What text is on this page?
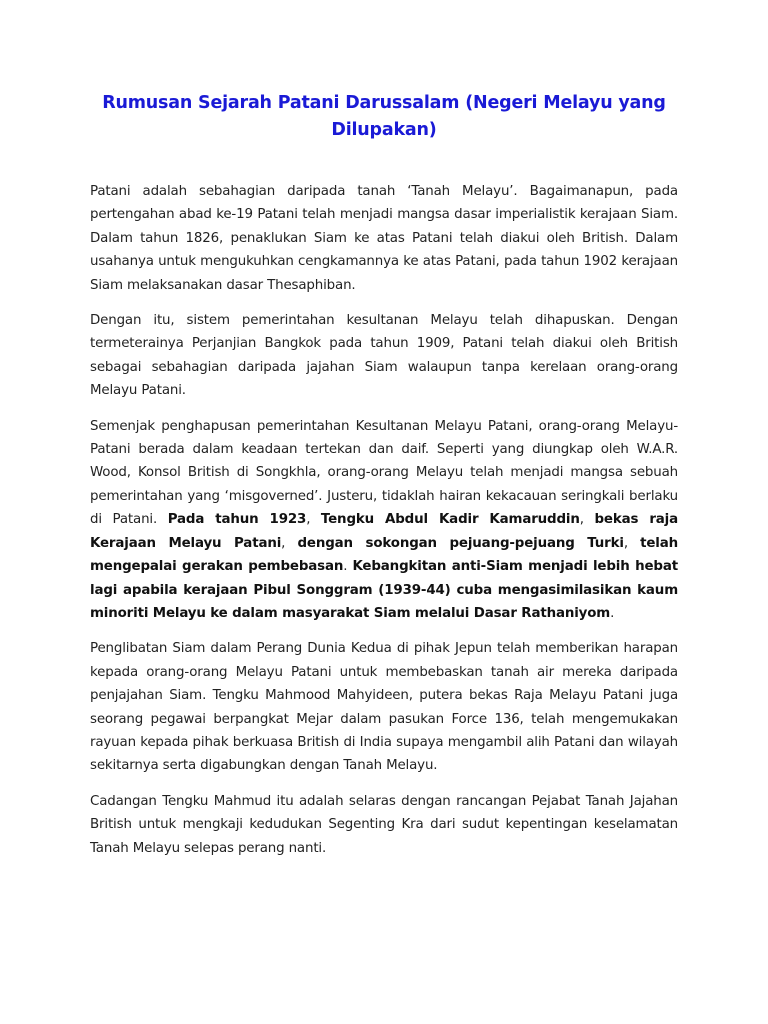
Rumusan Sejarah Patani Darussalam (Negeri Melayu yang Dilupakan)

Patani adalah sebahagian daripada tanah ‘Tanah Melayu’. Bagaimanapun, pada pertengahan abad ke-19 Patani telah menjadi mangsa dasar imperialistik kerajaan Siam. Dalam tahun 1826, penaklukan Siam ke atas Patani telah diakui oleh British. Dalam usahanya untuk mengukuhkan cengkamannya ke atas Patani, pada tahun 1902 kerajaan Siam melaksanakan dasar Thesaphiban.

Dengan itu, sistem pemerintahan kesultanan Melayu telah dihapuskan. Dengan termeterainya Perjanjian Bangkok pada tahun 1909, Patani telah diakui oleh British sebagai sebahagian daripada jajahan Siam walaupun tanpa kerelaan orang-orang Melayu Patani.

Semenjak penghapusan pemerintahan Kesultanan Melayu Patani, orang-orang Melayu-Patani berada dalam keadaan tertekan dan daif. Seperti yang diungkap oleh W.A.R. Wood, Konsol British di Songkhla, orang-orang Melayu telah menjadi mangsa sebuah pemerintahan yang ‘misgoverned’. Justeru, tidaklah hairan kekacauan seringkali berlaku di Patani. Pada tahun 1923, Tengku Abdul Kadir Kamaruddin, bekas raja Kerajaan Melayu Patani, dengan sokongan pejuang-pejuang Turki, telah mengepalai gerakan pembebasan. Kebangkitan anti-Siam menjadi lebih hebat lagi apabila kerajaan Pibul Songgram (1939-44) cuba mengasimilasikan kaum minoriti Melayu ke dalam masyarakat Siam melalui Dasar Rathaniyom.

Penglibatan Siam dalam Perang Dunia Kedua di pihak Jepun telah memberikan harapan kepada orang-orang Melayu Patani untuk membebaskan tanah air mereka daripada penjajahan Siam. Tengku Mahmood Mahyideen, putera bekas Raja Melayu Patani juga seorang pegawai berpangkat Mejar dalam pasukan Force 136, telah mengemukakan rayuan kepada pihak berkuasa British di India supaya mengambil alih Patani dan wilayah sekitarnya serta digabungkan dengan Tanah Melayu.

Cadangan Tengku Mahmud itu adalah selaras dengan rancangan Pejabat Tanah Jajahan British untuk mengkaji kedudukan Segenting Kra dari sudut kepentingan keselamatan Tanah Melayu selepas perang nanti.
